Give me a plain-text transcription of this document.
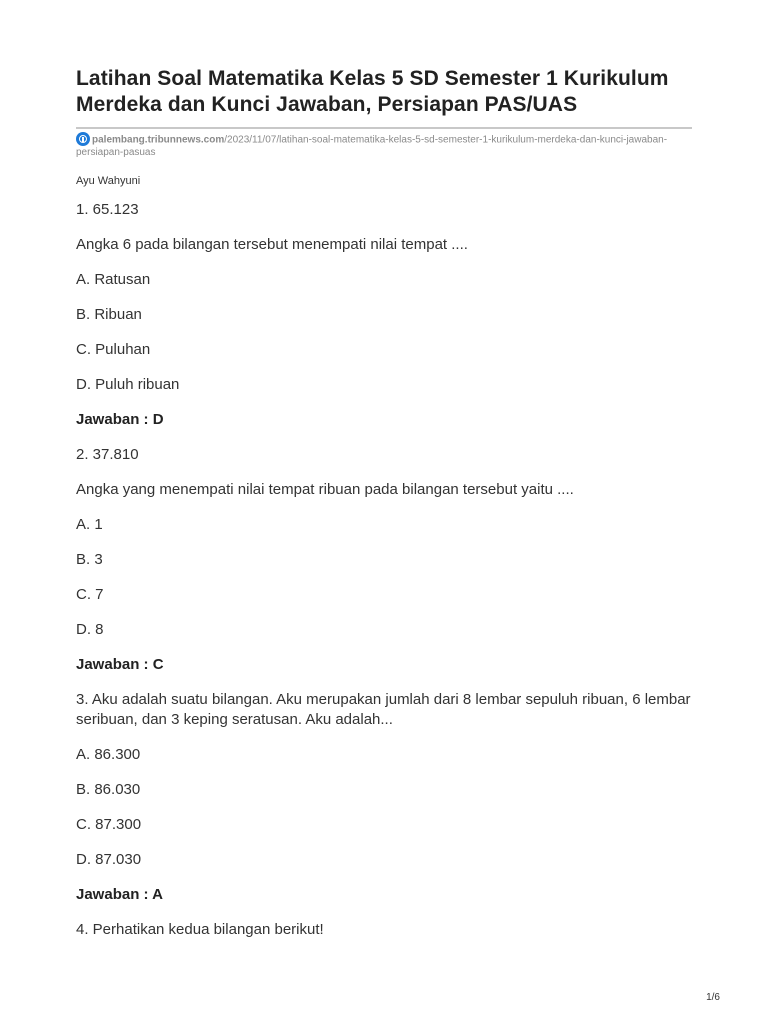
Latihan Soal Matematika Kelas 5 SD Semester 1 Kurikulum Merdeka dan Kunci Jawaban, Persiapan PAS/UAS
palembang.tribunnews.com/2023/11/07/latihan-soal-matematika-kelas-5-sd-semester-1-kurikulum-merdeka-dan-kunci-jawaban-persiapan-pasuas
Ayu Wahyuni

1. 65.123

Angka 6 pada bilangan tersebut menempati nilai tempat ....

A. Ratusan

B. Ribuan

C. Puluhan

D. Puluh ribuan

Jawaban : D

2. 37.810

Angka yang menempati nilai tempat ribuan pada bilangan tersebut yaitu ....

A. 1

B. 3

C. 7

D. 8

Jawaban : C

3. Aku adalah suatu bilangan. Aku merupakan jumlah dari 8 lembar sepuluh ribuan, 6 lembar seribuan, dan 3 keping seratusan. Aku adalah...

A. 86.300

B. 86.030

C. 87.300

D. 87.030

Jawaban : A

4. Perhatikan kedua bilangan berikut!

1/6
